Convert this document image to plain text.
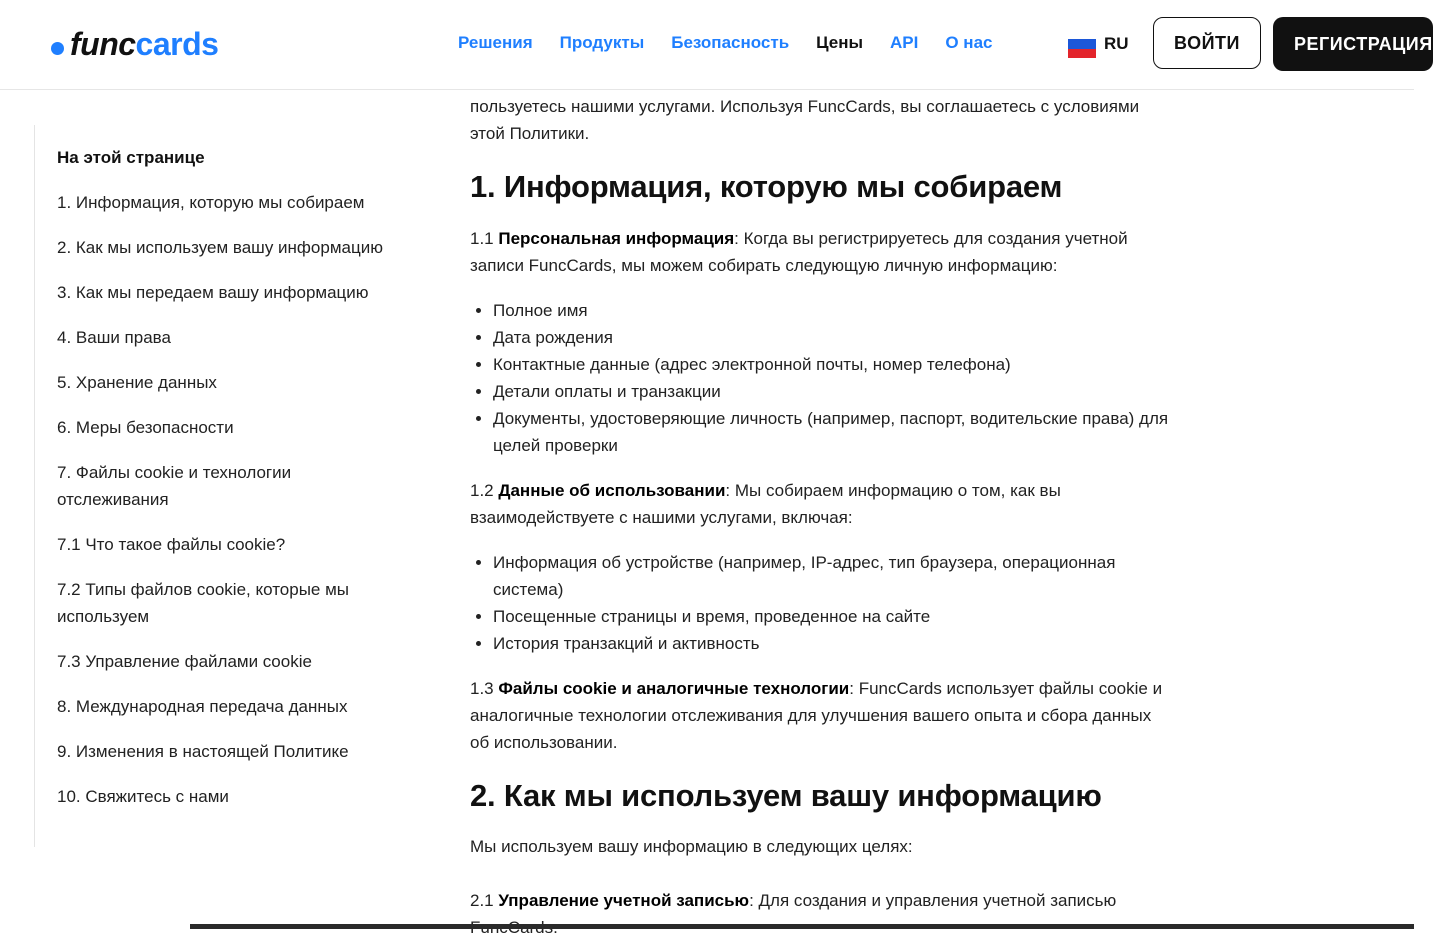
func cards	Решения Продукты Безопасность Цены API О нас	RU	ВОЙТИ	РЕГИСТРАЦИЯ
На этой странице
1. Информация, которую мы собираем
2. Как мы используем вашу информацию
3. Как мы передаем вашу информацию
4. Ваши права
5. Хранение данных
6. Меры безопасности
7. Файлы cookie и технологии отслеживания
7.1 Что такое файлы cookie?
7.2 Типы файлов cookie, которые мы используем
7.3 Управление файлами cookie
8. Международная передача данных
9. Изменения в настоящей Политике
10. Свяжитесь с нами

пользуетесь нашими услугами. Используя FuncCards, вы соглашаетесь с условиями этой Политики.

1. Информация, которую мы собираем

1.1 Персональная информация: Когда вы регистрируетесь для создания учетной записи FuncCards, мы можем собирать следующую личную информацию:

• Полное имя
• Дата рождения
• Контактные данные (адрес электронной почты, номер телефона)
• Детали оплаты и транзакции
• Документы, удостоверяющие личность (например, паспорт, водительские права) для целей проверки

1.2 Данные об использовании: Мы собираем информацию о том, как вы взаимодействуете с нашими услугами, включая:

• Информация об устройстве (например, IP-адрес, тип браузера, операционная система)
• Посещенные страницы и время, проведенное на сайте
• История транзакций и активность

1.3 Файлы cookie и аналогичные технологии: FuncCards использует файлы cookie и аналогичные технологии отслеживания для улучшения вашего опыта и сбора данных об использовании.

2. Как мы используем вашу информацию

Мы используем вашу информацию в следующих целях:

2.1 Управление учетной записью: Для создания и управления учетной записью
